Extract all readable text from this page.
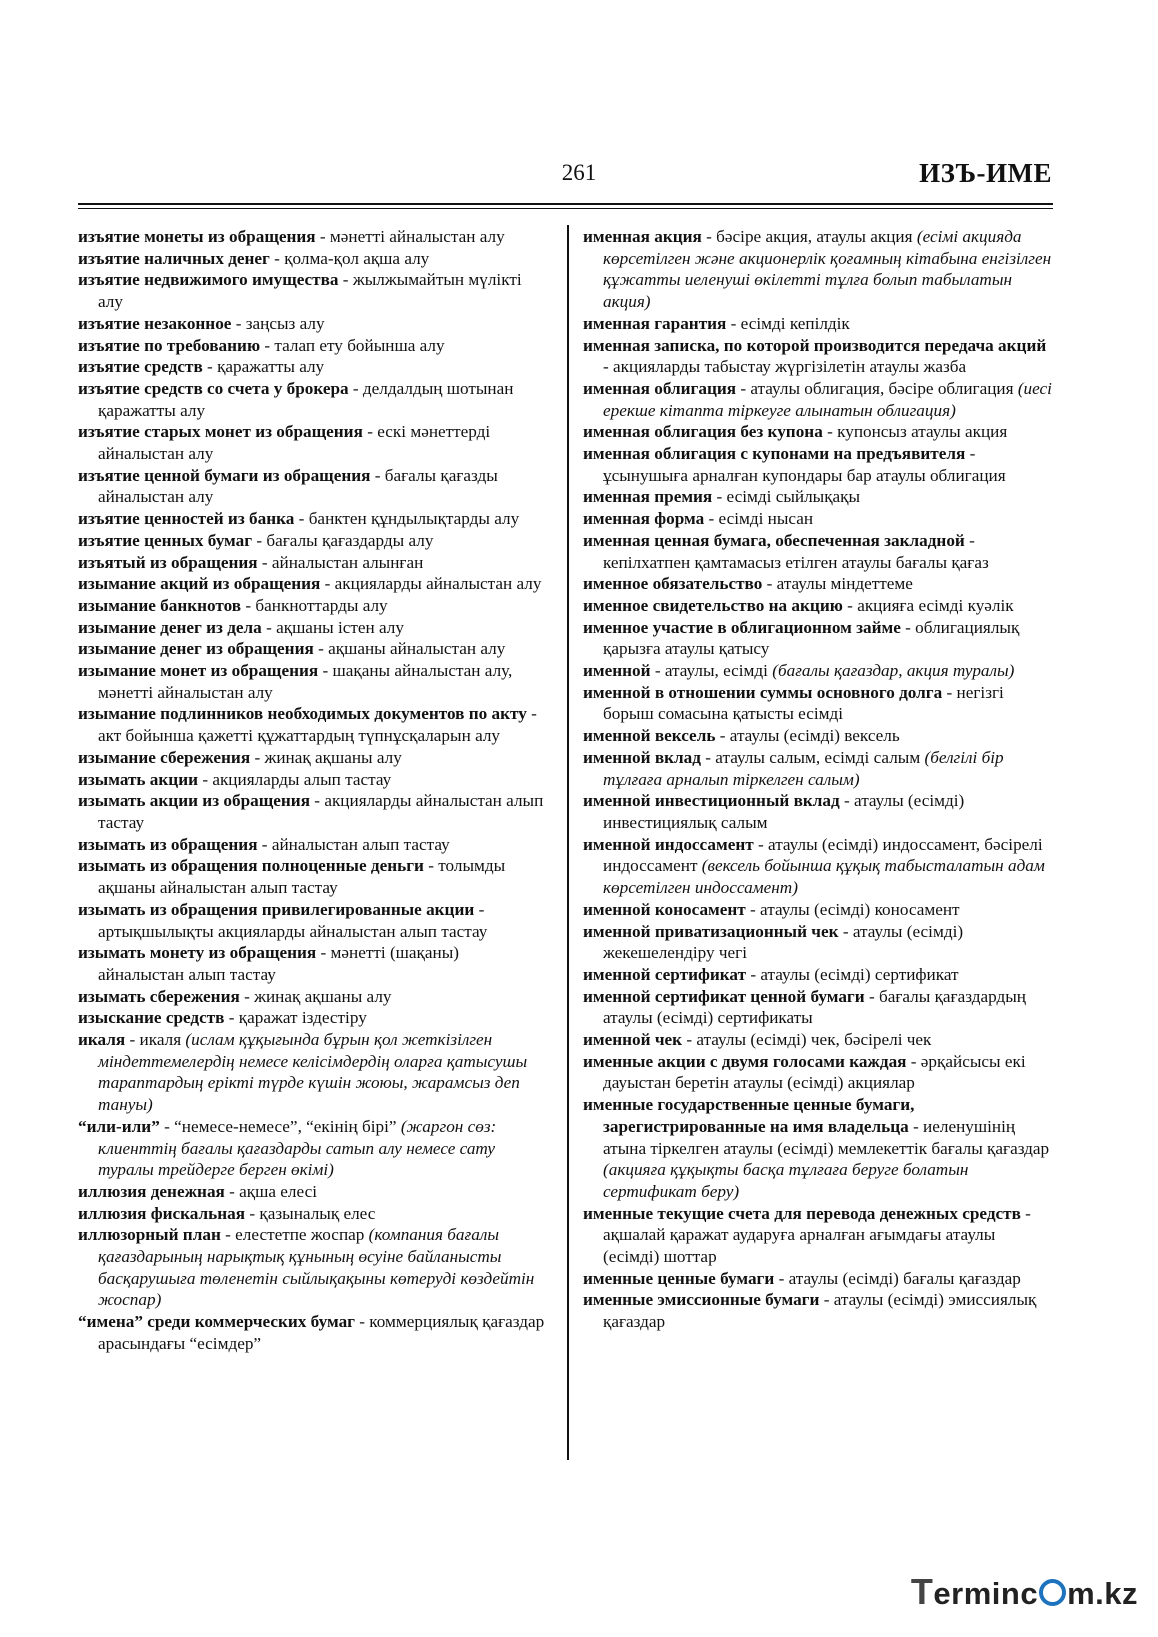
261	ИЗЪ-ИМЕ
изъятие монеты из обращения - мәнетті айналыстан алу
изъятие наличных денег - қолма-қол ақша алу
изъятие недвижимого имущества - жылжымайтын мүлікті алу
изъятие незаконное - заңсыз алу
изъятие по требованию - талап ету бойынша алу
изъятие средств - қаражатты алу
изъятие средств со счета у брокера - делдалдың шотынан қаражатты алу
изъятие старых монет из обращения - ескі мәнеттерді айналыстан алу
изъятие ценной бумаги из обращения - бағалы қағазды айналыстан алу
изъятие ценностей из банка - банктен құндылықтарды алу
изъятие ценных бумаг - бағалы қағаздарды алу
изъятый из обращения - айналыстан алынған
изымание акций из обращения - акцияларды айналыстан алу
изымание банкнотов - банкноттарды алу
изымание денег из дела - ақшаны істен алу
изымание денег из обращения - ақшаны айналыстан алу
изымание монет из обращения - шақаны айналыстан алу, мәнетті айналыстан алу
изымание подлинников необходимых документов по акту - акт бойынша қажетті құжаттардың түпнұсқаларын алу
изымание сбережения - жинақ ақшаны алу
изымать акции - акцияларды алып тастау
изымать акции из обращения - акцияларды айналыстан алып тастау
изымать из обращения - айналыстан алып тастау
изымать из обращения полноценные деньги - толымды ақшаны айналыстан алып тастау
изымать из обращения привилегированные акции - артықшылықты акцияларды айналыстан алып тастау
изымать монету из обращения - мәнетті (шақаны) айналыстан алып тастау
изымать сбережения - жинақ ақшаны алу
изыскание средств - қаражат іздестіру
икаля - икаля (ислам құқығында бұрын қол жеткізілген міндеттемелердің немесе келісімдердің оларға қатысушы тараптардың ерікті түрде күшін жоюы, жарамсыз деп тануы)
“или-или” - “немесе-немесе”, “екінің бірі” (жаргон сөз: клиенттің бағалы қағаздарды сатып алу немесе сату туралы трейдерге берген өкімі)
иллюзия денежная - ақша елесі
иллюзия фискальная - қазыналық елес
иллюзорный план - елестетпе жоспар (компания бағалы қағаздарының нарықтық құнының өсуіне байланысты басқарушыға төленетін сыйлықақыны көтеруді көздейтін жоспар)
“имена” среди коммерческих бумаг - коммерциялық қағаздар арасындағы “есімдер”
именная акция - бәсіре акция, атаулы акция (есімі акцияда көрсетілген және акционерлік қоғамның кітабына енгізілген құжатты иеленуші өкілетті тұлға болып табылатын акция)
именная гарантия - есімді кепілдік
именная записка, по которой производится передача акций - акцияларды табыстау жүргізілетін атаулы жазба
именная облигация - атаулы облигация, бәсіре облигация (иесі ерекше кітапта тіркеуге алынатын облигация)
именная облигация без купона - купонсыз атаулы акция
именная облигация с купонами на предъявителя - ұсынушыға арналған купондары бар атаулы облигация
именная премия - есімді сыйлықақы
именная форма - есімді нысан
именная ценная бумага, обеспеченная закладной - кепілхатпен қамтамасыз етілген атаулы бағалы қағаз
именное обязательство - атаулы міндеттеме
именное свидетельство на акцию - акцияға есімді куәлік
именное участие в облигационном займе - облигациялық қарызға атаулы қатысу
именной - атаулы, есімді (бағалы қағаздар, акция туралы)
именной в отношении суммы основного долга - негізгі борыш сомасына қатысты есімді
именной вексель - атаулы (есімді) вексель
именной вклад - атаулы салым, есімді салым (белгілі бір тұлғаға арналып тіркелген салым)
именной инвестиционный вклад - атаулы (есімді) инвестициялық салым
именной индоссамент - атаулы (есімді) индоссамент, бәсірелі индоссамент (вексель бойынша құқық табысталатын адам көрсетілген индоссамент)
именной коносамент - атаулы (есімді) коносамент
именной приватизационный чек - атаулы (есімді) жекешелендіру чегі
именной сертификат - атаулы (есімді) сертификат
именной сертификат ценной бумаги - бағалы қағаздардың атаулы (есімді) сертификаты
именной чек - атаулы (есімді) чек, бәсірелі чек
именные акции с двумя голосами каждая - әрқайсысы екі дауыстан беретін атаулы (есімді) акциялар
именные государственные ценные бумаги, зарегистрированные на имя владельца - иеленушінің атына тіркелген атаулы (есімді) мемлекеттік бағалы қағаздар (акцияға құқықты басқа тұлғаға беруге болатын сертификат беру)
именные текущие счета для перевода денежных средств - ақшалай қаражат аударуға арналған ағымдағы атаулы (есімді) шоттар
именные ценные бумаги - атаулы (есімді) бағалы қағаздар
именные эмиссионные бумаги - атаулы (есімді) эмиссиялық қағаздар
Terminc m.kz
